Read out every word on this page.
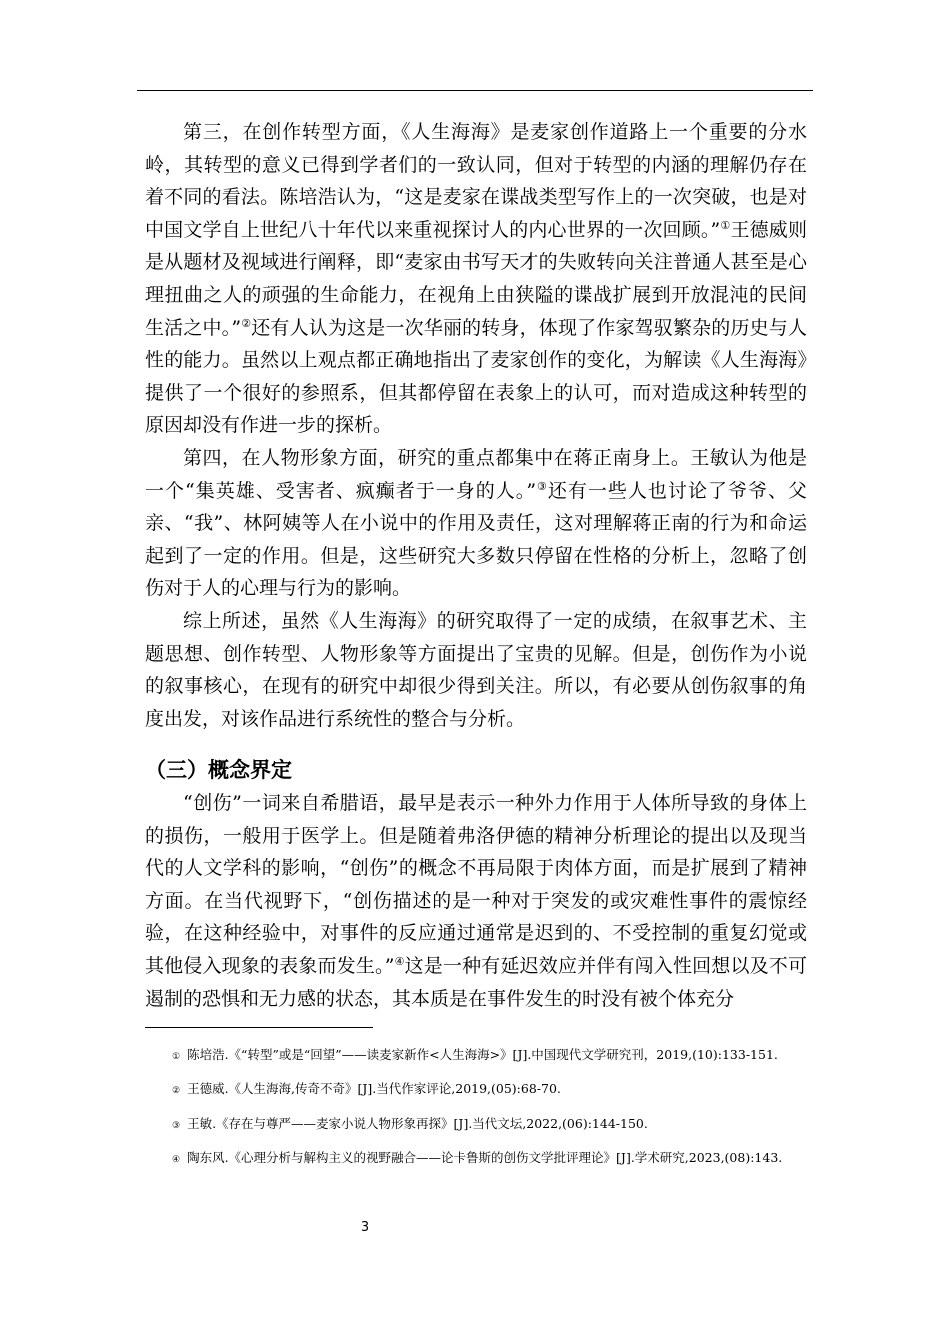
第三，在创作转型方面，《人生海海》是麦家创作道路上一个重要的分水岭，其转型的意义已得到学者们的一致认同，但对于转型的内涵的理解仍存在着不同的看法。陈培浩认为，“这是麦家在谍战类型写作上的一次突破，也是对中国文学自上世纪八十年代以来重视探讨人的内心世界的一次回顾。”①王德威则是从题材及视域进行阐释，即“麦家由书写天才的失败转向关注普通人甚至是心理扭曲之人的顽强的生命能力，在视角上由狭隘的谍战扩展到开放混沌的民间生活之中。”②还有人认为这是一次华丽的转身，体现了作家驾驭繁杂的历史与人性的能力。虽然以上观点都正确地指出了麦家创作的变化，为解读《人生海海》提供了一个很好的参照系，但其都停留在表象上的认可，而对造成这种转型的原因却没有作进一步的探析。

第四，在人物形象方面，研究的重点都集中在蒋正南身上。王敏认为他是一个“集英雄、受害者、疯癫者于一身的人。”③还有一些人也讨论了爷爷、父亲、“我”、林阿姨等人在小说中的作用及责任，这对理解蒋正南的行为和命运起到了一定的作用。但是，这些研究大多数只停留在性格的分析上，忽略了创伤对于人的心理与行为的影响。

综上所述，虽然《人生海海》的研究取得了一定的成绩，在叙事艺术、主题思想、创作转型、人物形象等方面提出了宝贵的见解。但是，创伤作为小说的叙事核心，在现有的研究中却很少得到关注。所以，有必要从创伤叙事的角度出发，对该作品进行系统性的整合与分析。

（三）概念界定

“创伤”一词来自希腊语，最早是表示一种外力作用于人体所导致的身体上的损伤，一般用于医学上。但是随着弗洛伊德的精神分析理论的提出以及现当代的人文学科的影响，“创伤”的概念不再局限于肉体方面，而是扩展到了精神方面。在当代视野下，“创伤描述的是一种对于突发的或灾难性事件的震惊经验，在这种经验中，对事件的反应通过通常是迟到的、不受控制的重复幻觉或其他侵入现象的表象而发生。”④这是一种有延迟效应并伴有闯入性回想以及不可遏制的恐惧和无力感的状态，其本质是在事件发生的时没有被个体充分

① 陈培浩.《“转型”或是“回望”——读麦家新作<人生海海>》[J].中国现代文学研究刊，2019,(10):133-151.

② 王德威.《人生海海,传奇不奇》[J].当代作家评论,2019,(05):68-70.

③ 王敏.《存在与尊严——麦家小说人物形象再探》[J].当代文坛,2022,(06):144-150.

④ 陶东风.《心理分析与解构主义的视野融合——论卡鲁斯的创伤文学批评理论》[J].学术研究,2023,(08):143.

3
